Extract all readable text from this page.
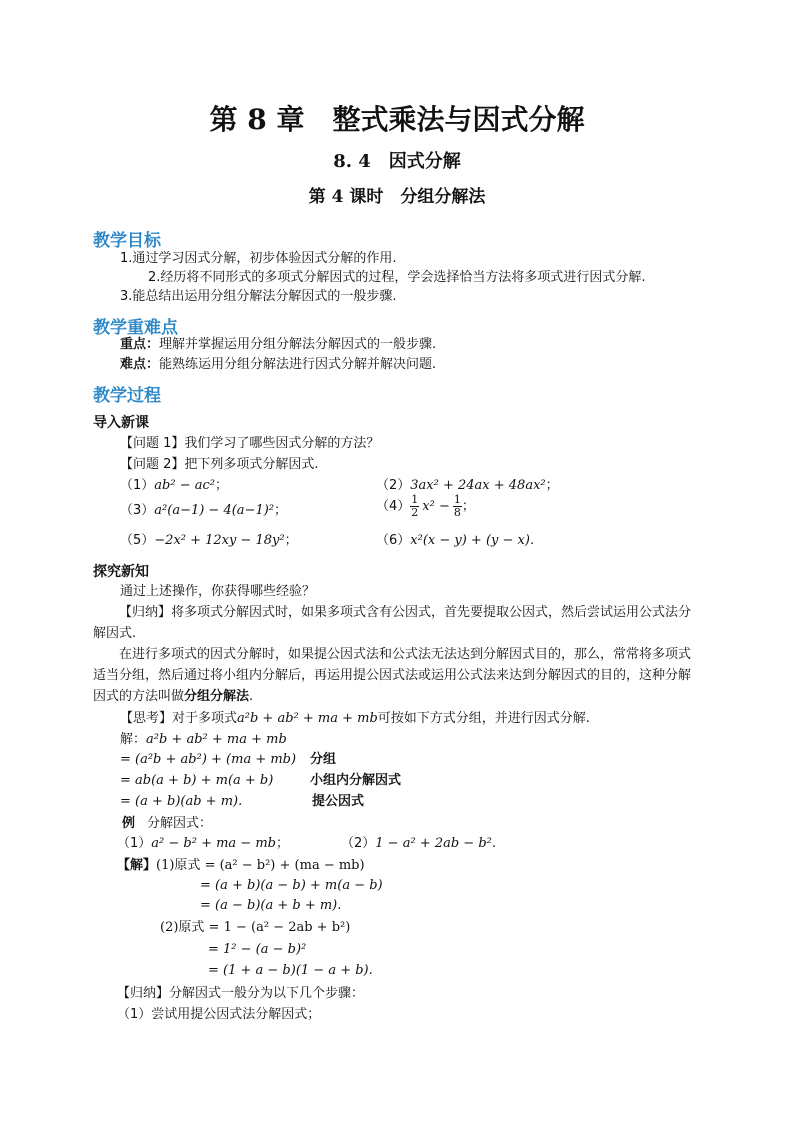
第 8 章　整式乘法与因式分解
8. 4　因式分解
第 4 课时　分组分解法
教学目标
1.通过学习因式分解，初步体验因式分解的作用.
2.经历将不同形式的多项式分解因式的过程，学会选择恰当方法将多项式进行因式分解.
3.能总结出运用分组分解法分解因式的一般步骤.
教学重难点
重点：理解并掌握运用分组分解法分解因式的一般步骤.
难点：能熟练运用分组分解法进行因式分解并解决问题.
教学过程
导入新课
【问题 1】我们学习了哪些因式分解的方法？
【问题 2】把下列多项式分解因式.
（1）ab² − ac²；	（2）3ax² + 24ax + 48ax²；
（3）a²(a−1) − 4(a−1)²；	$(4) \frac{1}{2} x^2 - \frac{1}{8}$ ；
（5）−2x² + 12xy − 18y²；	（6）x²(x − y) + (y − x).
探究新知
通过上述操作，你获得哪些经验？
【归纳】将多项式分解因式时，如果多项式含有公因式，首先要提取公因式，然后尝试运用公式法分解因式.
在进行多项式的因式分解时，如果提公因式法和公式法无法达到分解因式目的，那么，常常将多项式适当分组，然后通过将小组内分解后，再运用提公因式法或运用公式法来达到分解因式的目的，这种分解因式的方法叫做分组分解法.
【思考】对于多项式a²b + ab² + ma + mb可按如下方式分组，并进行因式分解.
解：a²b + ab² + ma + mb
= (a²b + ab²) + (ma + mb) 分组
= ab(a + b) + m(a + b)	小组内分解因式
= (a + b)(ab + m).	提公因式
例 分解因式：
（1）a² − b² + ma − mb；	（2）1 − a² + 2ab − b².
【解】(1)原式 = (a² − b²) + (ma − mb)
= (a + b)(a − b) + m(a − b)
= (a − b)(a + b + m).
(2)原式 = 1 − (a² − 2ab + b²)
= 1² − (a − b)²
= (1 + a − b)(1 − a + b).
【归纳】分解因式一般分为以下几个步骤：
（1）尝试用提公因式法分解因式；
